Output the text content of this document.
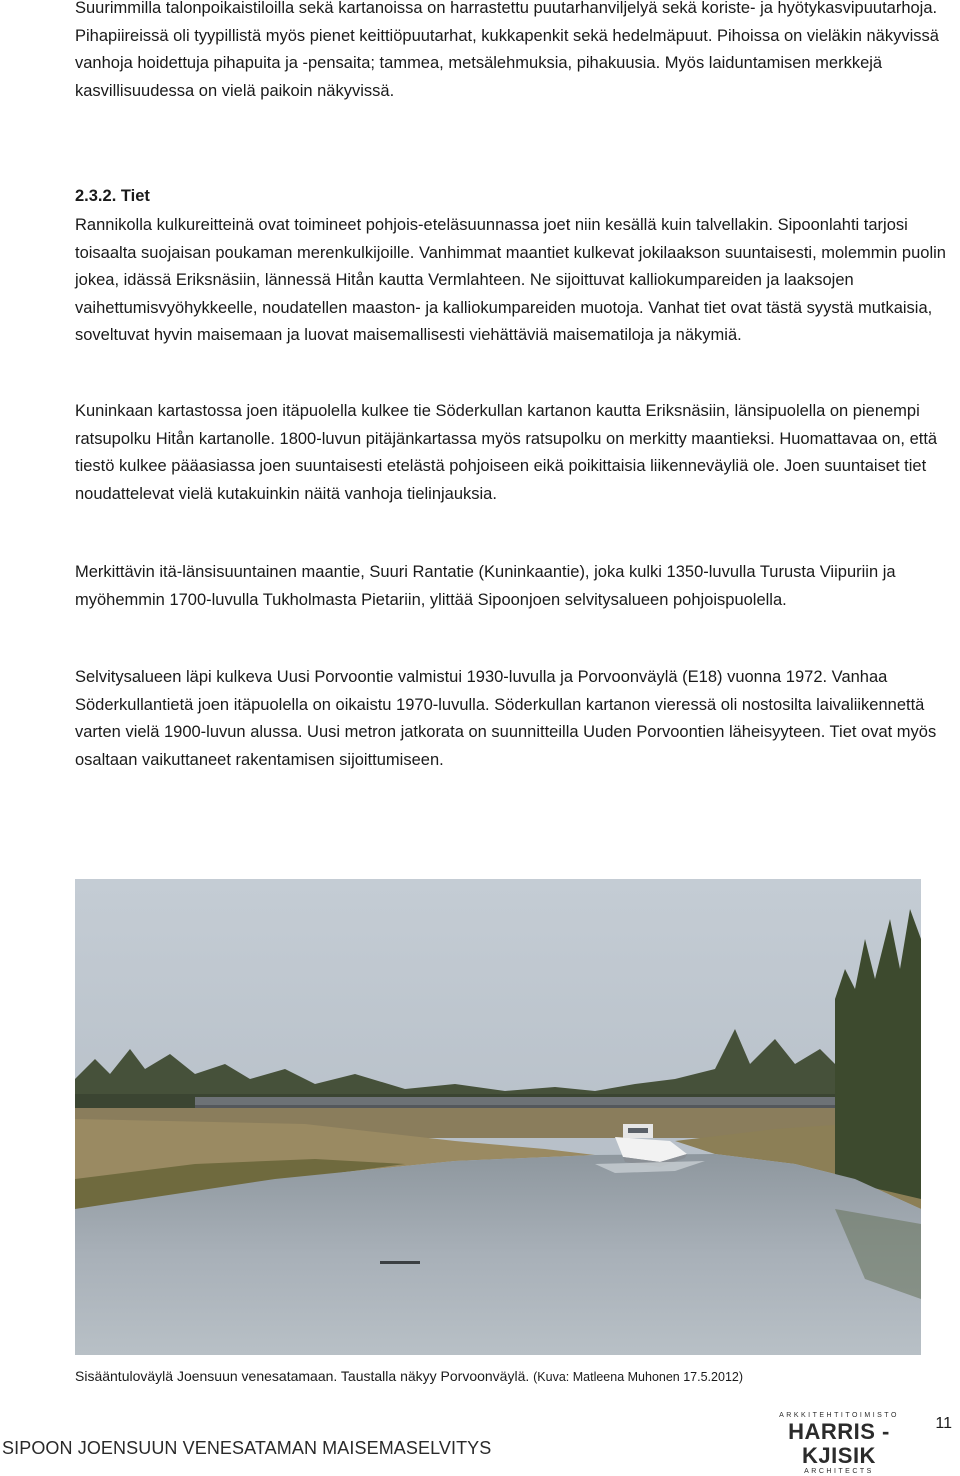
Suurimmilla talonpoikaistiloilla sekä kartanoissa on harrastettu puutarhanviljelyä sekä koriste- ja hyötykasvipuutarhoja. Pihapiireissä oli tyypillistä myös pienet keittiöpuutarhat, kukkapenkit sekä hedelmäpuut. Pihoissa on vieläkin näkyvissä vanhoja hoidettuja pihapuita ja -pensaita; tammea, metsälehmuksia, pihakuusia. Myös laiduntamisen merkkejä kasvillisuudessa on vielä paikoin näkyvissä.

2.3.2. Tiet

Rannikolla kulkureitteinä ovat toimineet pohjois-eteläsuunnassa joet niin kesällä kuin talvellakin. Sipoonlahti tarjosi toisaalta suojaisan poukaman merenkulkijoille. Vanhimmat maantiet kulkevat jokilaakson suuntaisesti, molemmin puolin jokea, idässä Eriksnäsiin, lännessä Hitån kautta Vermlahteen. Ne sijoittuvat kalliokumpareiden ja laaksojen vaihettumisvyöhykkeelle, noudatellen maaston- ja kalliokumpareiden muotoja. Vanhat tiet ovat tästä syystä mutkaisia, soveltuvat hyvin maisemaan ja luovat maisemallisesti viehättäviä maisematiloja ja näkymiä.

Kuninkaan kartastossa joen itäpuolella kulkee tie Söderkullan kartanon kautta Eriksnäsiin, länsipuolella on pienempi ratsupolku Hitån kartanolle. 1800-luvun pitäjänkartassa myös ratsupolku on merkitty maantieksi. Huomattavaa on, että tiestö kulkee pääasiassa joen suuntaisesti etelästä pohjoiseen eikä poikittaisia liikenneväyliä ole. Joen suuntaiset tiet noudattelevat vielä kutakuinkin näitä vanhoja tielinjauksia.

Merkittävin itä-länsisuuntainen maantie, Suuri Rantatie (Kuninkaantie), joka kulki 1350-luvulla Turusta Viipuriin ja myöhemmin 1700-luvulla Tukholmasta Pietariin, ylittää Sipoonjoen selvitysalueen pohjoispuolella.

Selvitysalueen läpi kulkeva Uusi Porvoontie valmistui 1930-luvulla ja Porvoonväylä (E18) vuonna 1972. Vanhaa Söderkullantietä joen itäpuolella on oikaistu 1970-luvulla. Söderkullan kartanon vieressä oli nostosilta laivaliikennettä varten vielä 1900-luvun alussa. Uusi metron jatkorata on suunnitteilla Uuden Porvoontien läheisyyteen. Tiet ovat myös osaltaan vaikuttaneet rakentamisen sijoittumiseen.

Sisääntuloväylä Joensuun venesatamaan. Taustalla näkyy Porvoonväylä. (Kuva: Matleena Muhonen 17.5.2012)
11
SIPOON JOENSUUN VENESATAMAN MAISEMASELVITYS
ARKKITEHTITOIMISTO
HARRIS - KJISIK
ARCHITECTS
